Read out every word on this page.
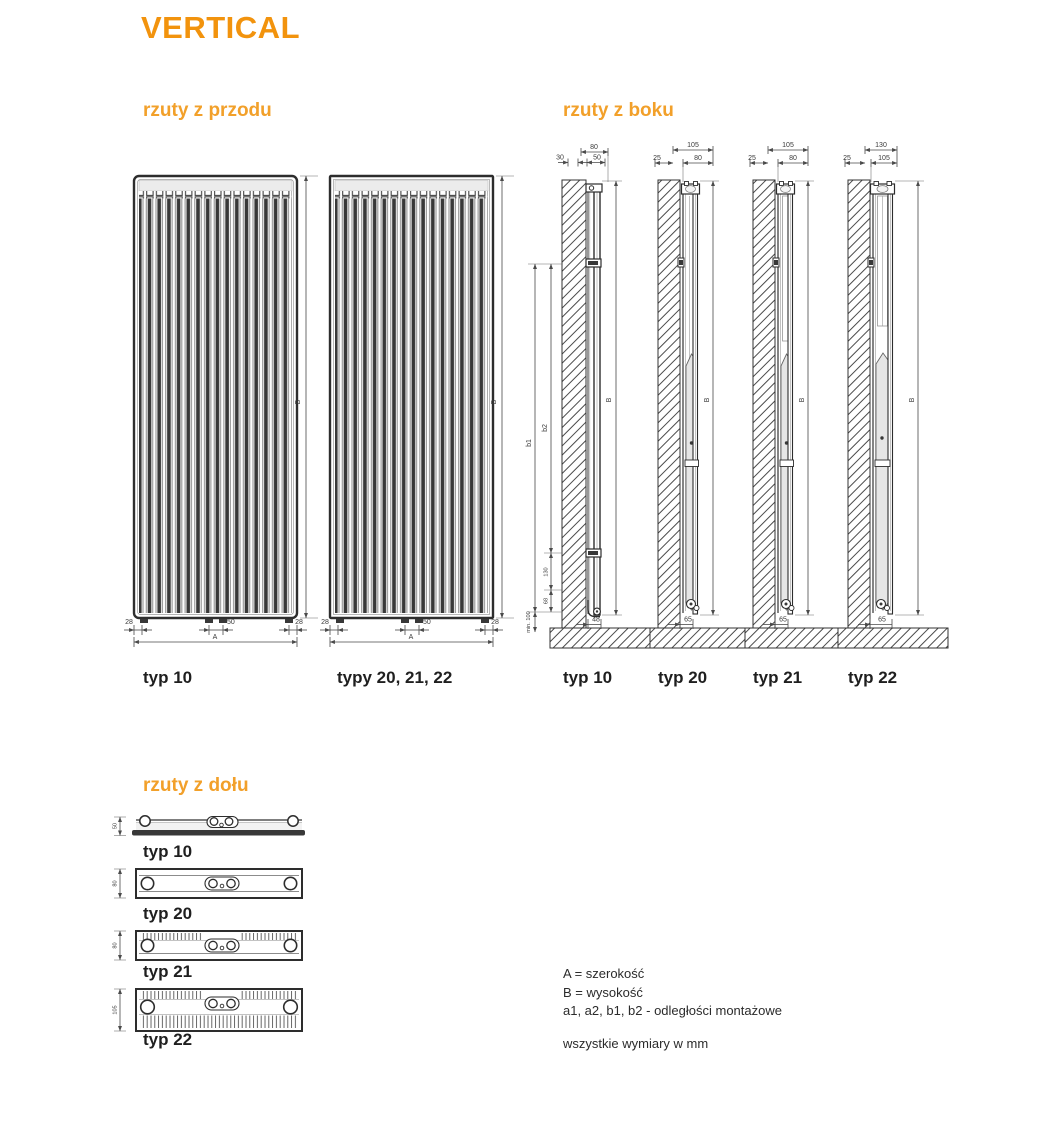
VERTICAL
rzuty z przodu	rzuty z boku
rzuty z dołu
B
28	50	28
A
B
28	50	28
A
80
30	50
B
b1
b2
130
68
min. 100	48
105
25	80
B
65
105
25	80
B
65
130
25	105
B
65
typ 10	typy 20, 21, 22	typ 10	typ 20	typ 21	typ 22
50
80
80
105
typ 10
typ 20
typ 21
typ 22

A = szerokość

B = wysokość

a1, a2, b1, b2 - odległości montażowe

wszystkie wymiary w mm
